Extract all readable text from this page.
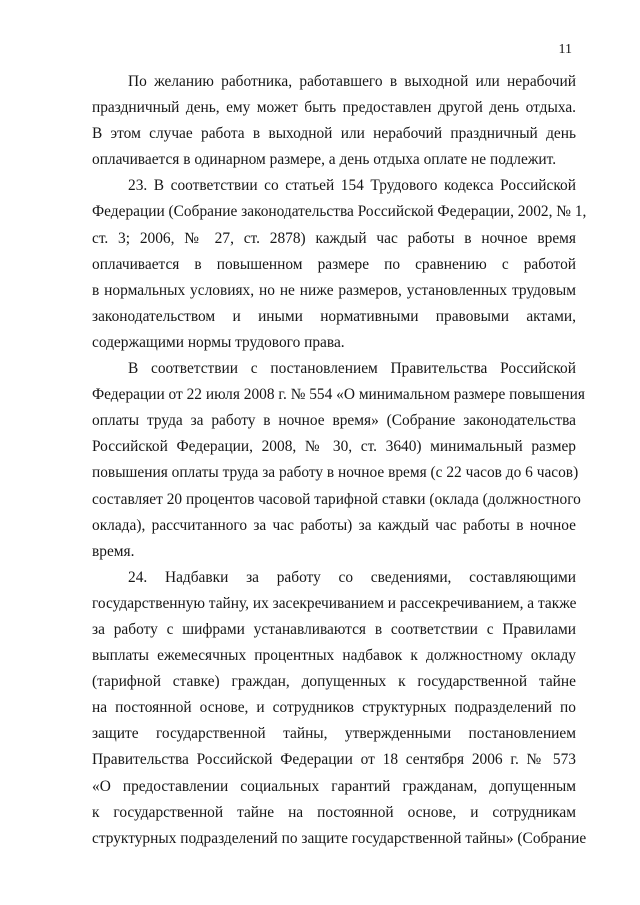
11
По желанию работника, работавшего в выходной или нерабочий
праздничный день, ему может быть предоставлен другой день отдыха.
В этом случае работа в выходной или нерабочий праздничный день
оплачивается в одинарном размере, а день отдыха оплате не подлежит.
23. В соответствии со статьей 154 Трудового кодекса Российской
Федерации (Собрание законодательства Российской Федерации, 2002, № 1,
ст. 3; 2006, № 27, ст. 2878) каждый час работы в ночное время
оплачивается в повышенном размере по сравнению с работой
в нормальных условиях, но не ниже размеров, установленных трудовым
законодательством и иными нормативными правовыми актами,
содержащими нормы трудового права.
В соответствии с постановлением Правительства Российской
Федерации от 22 июля 2008 г. № 554 «О минимальном размере повышения
оплаты труда за работу в ночное время» (Собрание законодательства
Российской Федерации, 2008, № 30, ст. 3640) минимальный размер
повышения оплаты труда за работу в ночное время (с 22 часов до 6 часов)
составляет 20 процентов часовой тарифной ставки (оклада (должностного
оклада), рассчитанного за час работы) за каждый час работы в ночное
время.
24. Надбавки за работу со сведениями, составляющими
государственную тайну, их засекречиванием и рассекречиванием, а также
за работу с шифрами устанавливаются в соответствии с Правилами
выплаты ежемесячных процентных надбавок к должностному окладу
(тарифной ставке) граждан, допущенных к государственной тайне
на постоянной основе, и сотрудников структурных подразделений по
защите государственной тайны, утвержденными постановлением
Правительства Российской Федерации от 18 сентября 2006 г. № 573
«О предоставлении социальных гарантий гражданам, допущенным
к государственной тайне на постоянной основе, и сотрудникам
структурных подразделений по защите государственной тайны» (Собрание
